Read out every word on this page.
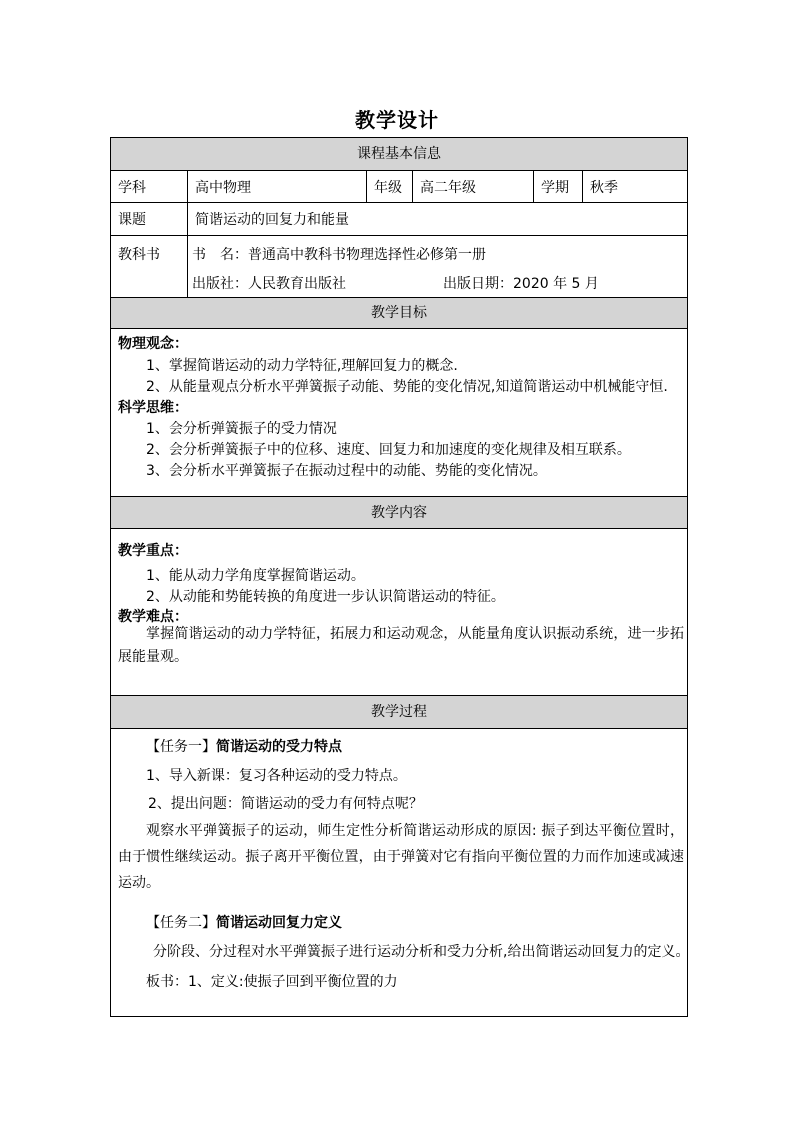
教学设计
课程基本信息
学科	高中物理	年级	高二年级	学期	秋季
课题	简谐运动的回复力和能量
教科书	书　名：普通高中教科书物理选择性必修第一册
出版社：人民教育出版社	出版日期：2020 年 5 月
教学目标
物理观念：
1、掌握简谐运动的动力学特征,理解回复力的概念.
2、从能量观点分析水平弹簧振子动能、势能的变化情况,知道简谐运动中机械能守恒.
科学思维：
1、会分析弹簧振子的受力情况
2、会分析弹簧振子中的位移、速度、回复力和加速度的变化规律及相互联系。
3、会分析水平弹簧振子在振动过程中的动能、势能的变化情况。
教学内容
教学重点：
1、能从动力学角度掌握简谐运动。
2、从动能和势能转换的角度进一步认识简谐运动的特征。
教学难点：
掌握简谐运动的动力学特征，拓展力和运动观念，从能量角度认识振动系统，进一步拓展能量观。
教学过程
【任务一】简谐运动的受力特点
1、导入新课：复习各种运动的受力特点。
2、提出问题：简谐运动的受力有何特点呢？
观察水平弹簧振子的运动，师生定性分析简谐运动形成的原因: 振子到达平衡位置时，由于惯性继续运动。振子离开平衡位置，由于弹簧对它有指向平衡位置的力而作加速或减速运动。
【任务二】简谐运动回复力定义
分阶段、分过程对水平弹簧振子进行运动分析和受力分析,给出简谐运动回复力的定义。
板书：1、定义:使振子回到平衡位置的力
